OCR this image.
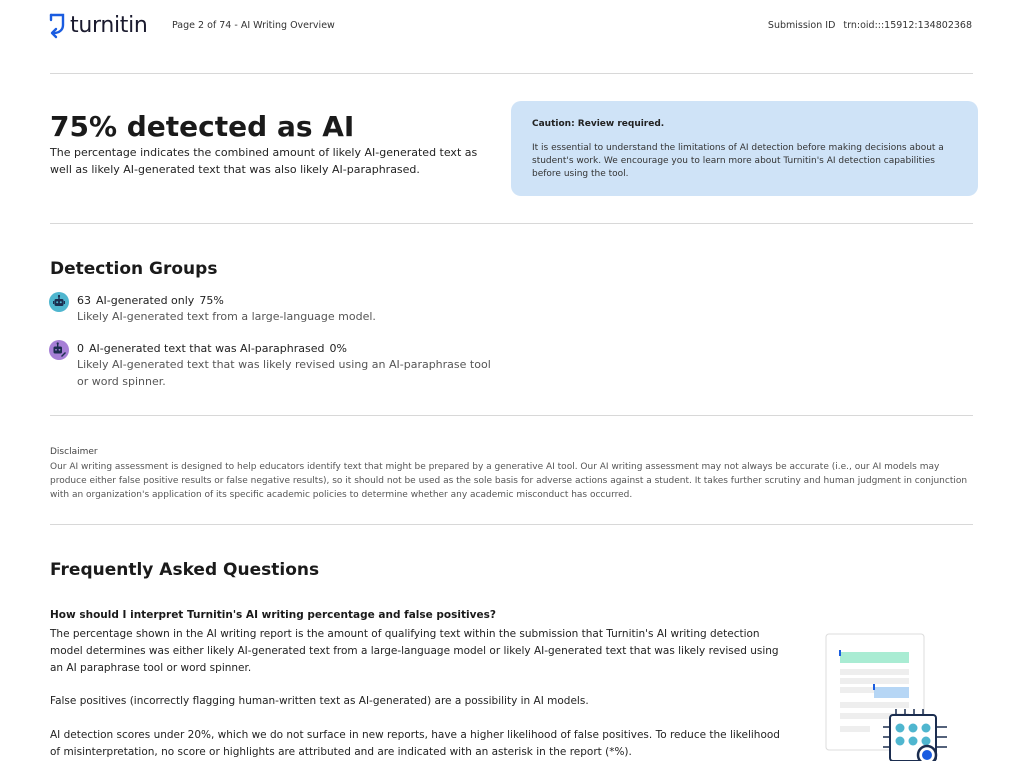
turnitin	Page 2 of 74 - AI Writing Overview	Submission ID trn:oid:::15912:134802368
75% detected as AI
The percentage indicates the combined amount of likely AI-generated text as well as likely AI-generated text that was also likely AI-paraphrased.
Caution: Review required.
It is essential to understand the limitations of AI detection before making decisions about a student's work. We encourage you to learn more about Turnitin's AI detection capabilities before using the tool.
Detection Groups
63 AI-generated only 75%
Likely AI-generated text from a large-language model.
0 AI-generated text that was AI-paraphrased 0%
Likely AI-generated text that was likely revised using an AI-paraphrase tool or word spinner.
Disclaimer
Our AI writing assessment is designed to help educators identify text that might be prepared by a generative AI tool. Our AI writing assessment may not always be accurate (i.e., our AI models may produce either false positive results or false negative results), so it should not be used as the sole basis for adverse actions against a student. It takes further scrutiny and human judgment in conjunction with an organization's application of its specific academic policies to determine whether any academic misconduct has occurred.
Frequently Asked Questions
How should I interpret Turnitin's AI writing percentage and false positives?
The percentage shown in the AI writing report is the amount of qualifying text within the submission that Turnitin's AI writing detection model determines was either likely AI-generated text from a large-language model or likely AI-generated text that was likely revised using an AI paraphrase tool or word spinner.
False positives (incorrectly flagging human-written text as AI-generated) are a possibility in AI models.
AI detection scores under 20%, which we do not surface in new reports, have a higher likelihood of false positives. To reduce the likelihood of misinterpretation, no score or highlights are attributed and are indicated with an asterisk in the report (*%).
